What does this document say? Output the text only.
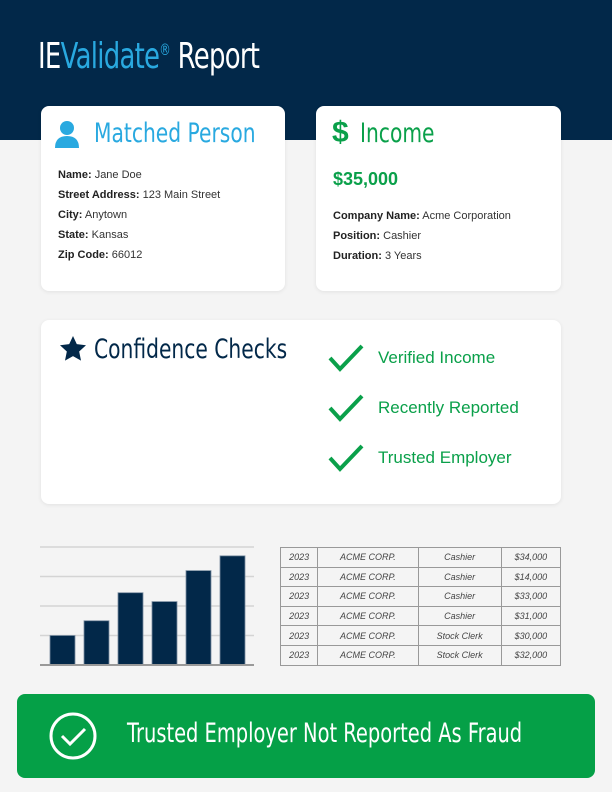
IEValidate® Report
Matched Person
Name: Jane Doe
Street Address: 123 Main Street
City: Anytown
State: Kansas
Zip Code: 66012
$ Income
$35,000
Company Name: Acme Corporation
Position: Cashier
Duration: 3 Years
Confidence Checks	Verified Income
Recently Reported
Trusted Employer
2023	ACME CORP.	Cashier	$34,000
2023	ACME CORP.	Cashier	$14,000
2023	ACME CORP.	Cashier	$33,000
2023	ACME CORP.	Cashier	$31,000
2023	ACME CORP.	Stock Clerk	$30,000
2023	ACME CORP.	Stock Clerk	$32,000
Trusted Employer Not Reported As Fraud
